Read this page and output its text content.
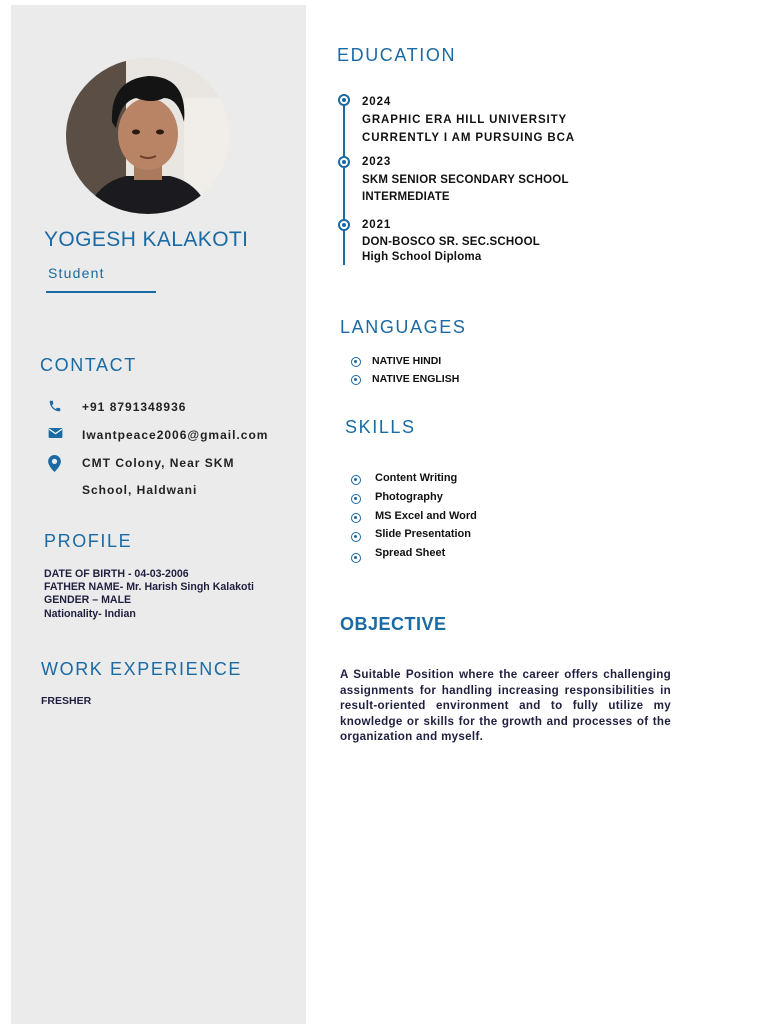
YOGESH KALAKOTI
Student
CONTACT
+91 8791348936
Iwantpeace2006@gmail.com
CMT Colony, Near SKM
School, Haldwani
PROFILE
DATE OF BIRTH - 04-03-2006
FATHER NAME- Mr. Harish Singh Kalakoti
GENDER – MALE
Nationality- Indian
WORK EXPERIENCE
FRESHER
EDUCATION
2024
GRAPHIC ERA HILL UNIVERSITY
CURRENTLY I AM PURSUING BCA
2023
SKM SENIOR SECONDARY SCHOOL
INTERMEDIATE
2021
DON-BOSCO SR. SEC.SCHOOL
High School Diploma
LANGUAGES
NATIVE HINDI
NATIVE ENGLISH
SKILLS
Content Writing
Photography
MS Excel and Word
Slide Presentation
Spread Sheet
OBJECTIVE
A Suitable Position where the career offers challenging assignments for handling increasing responsibilities in result-oriented environment and to fully utilize my knowledge or skills for the growth and processes of the organization and myself.
